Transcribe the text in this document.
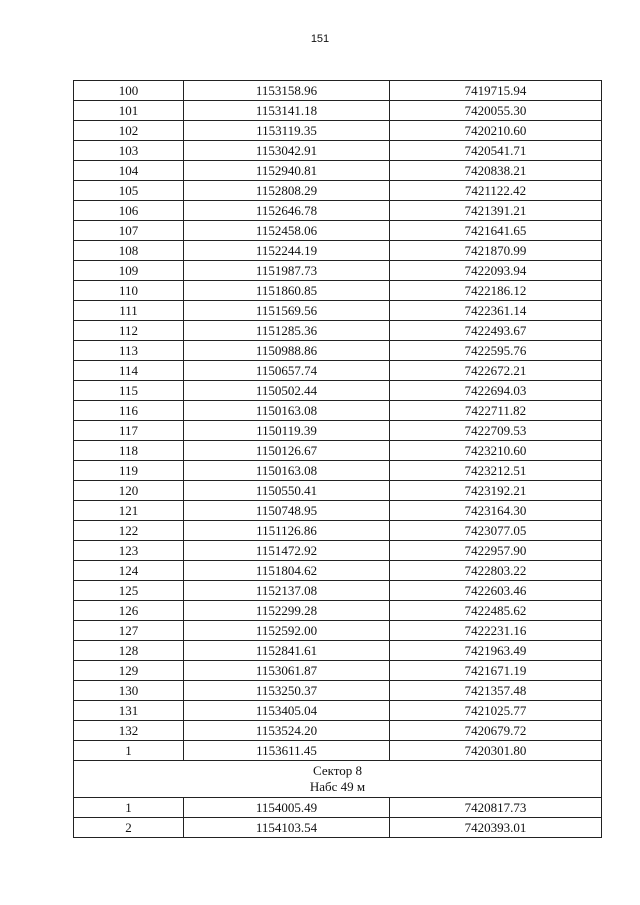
151
100	1153158.96	7419715.94
101	1153141.18	7420055.30
102	1153119.35	7420210.60
103	1153042.91	7420541.71
104	1152940.81	7420838.21
105	1152808.29	7421122.42
106	1152646.78	7421391.21
107	1152458.06	7421641.65
108	1152244.19	7421870.99
109	1151987.73	7422093.94
110	1151860.85	7422186.12
111	1151569.56	7422361.14
112	1151285.36	7422493.67
113	1150988.86	7422595.76
114	1150657.74	7422672.21
115	1150502.44	7422694.03
116	1150163.08	7422711.82
117	1150119.39	7422709.53
118	1150126.67	7423210.60
119	1150163.08	7423212.51
120	1150550.41	7423192.21
121	1150748.95	7423164.30
122	1151126.86	7423077.05
123	1151472.92	7422957.90
124	1151804.62	7422803.22
125	1152137.08	7422603.46
126	1152299.28	7422485.62
127	1152592.00	7422231.16
128	1152841.61	7421963.49
129	1153061.87	7421671.19
130	1153250.37	7421357.48
131	1153405.04	7421025.77
132	1153524.20	7420679.72
1	1153611.45	7420301.80

Сектор 8
Набс 49 м		

1	1154005.49	7420817.73
2	1154103.54	7420393.01
